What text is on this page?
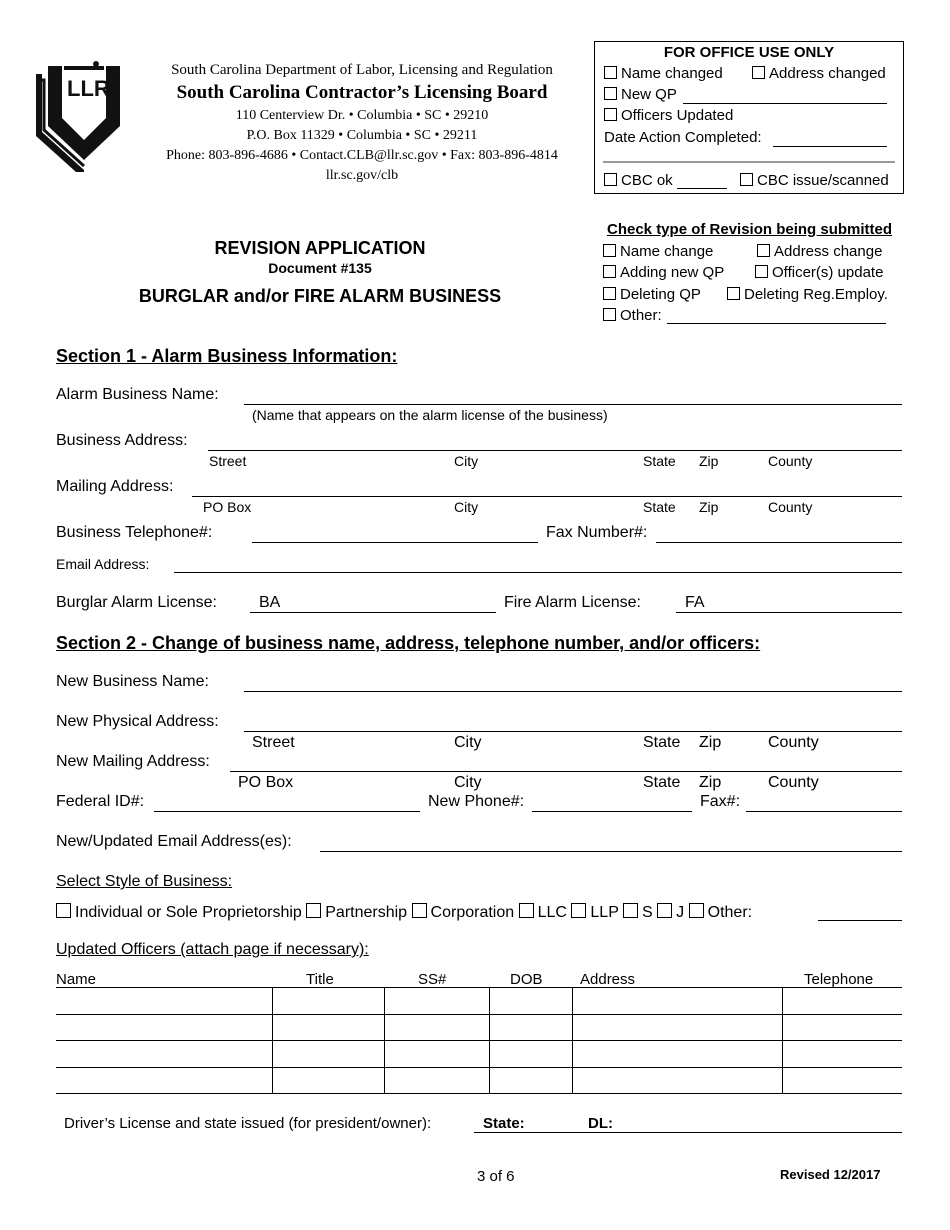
LLR
South Carolina Department of Labor, Licensing and Regulation
South Carolina Contractor’s Licensing Board
110 Centerview Dr. • Columbia • SC • 29210
P.O. Box 11329 • Columbia • SC • 29211
Phone: 803-896-4686 • Contact.CLB@llr.sc.gov • Fax: 803-896-4814
llr.sc.gov/clb
FOR OFFICE USE ONLY
Name changed	Address changed
New QP
Officers Updated
Date Action Completed:
CBC ok	CBC issue/scanned
REVISION APPLICATION
Document #135
BURGLAR and/or FIRE ALARM BUSINESS
Check type of Revision being submitted
Name change	Address change
Adding new QP	Officer(s) update
Deleting QP	Deleting Reg.Employ.
Other:
Section 1 - Alarm Business Information:
Alarm Business Name:
(Name that appears on the alarm license of the business)
Business Address:
Street	City	State Zip	County
Mailing Address:
PO Box	City	State Zip	County
Business Telephone#:	Fax Number#:
Email Address:
Burglar Alarm License:	BA	Fire Alarm License:	FA
Section 2 - Change of business name, address, telephone number, and/or officers:
New Business Name:
New Physical Address:
Street	City	State Zip	County
New Mailing Address:
PO Box	City	State Zip	County
Federal ID#:	New Phone#:	Fax#:
New/Updated Email Address(es):
Select Style of Business:
Individual or Sole Proprietorship Partnership Corporation LLC LLP S J Other:
Updated Officers (attach page if necessary):
Name	Title	SS#	DOB Address	Telephone

Driver’s License and state issued (for president/owner):	State:	DL:
3 of 6	Revised 12/2017
